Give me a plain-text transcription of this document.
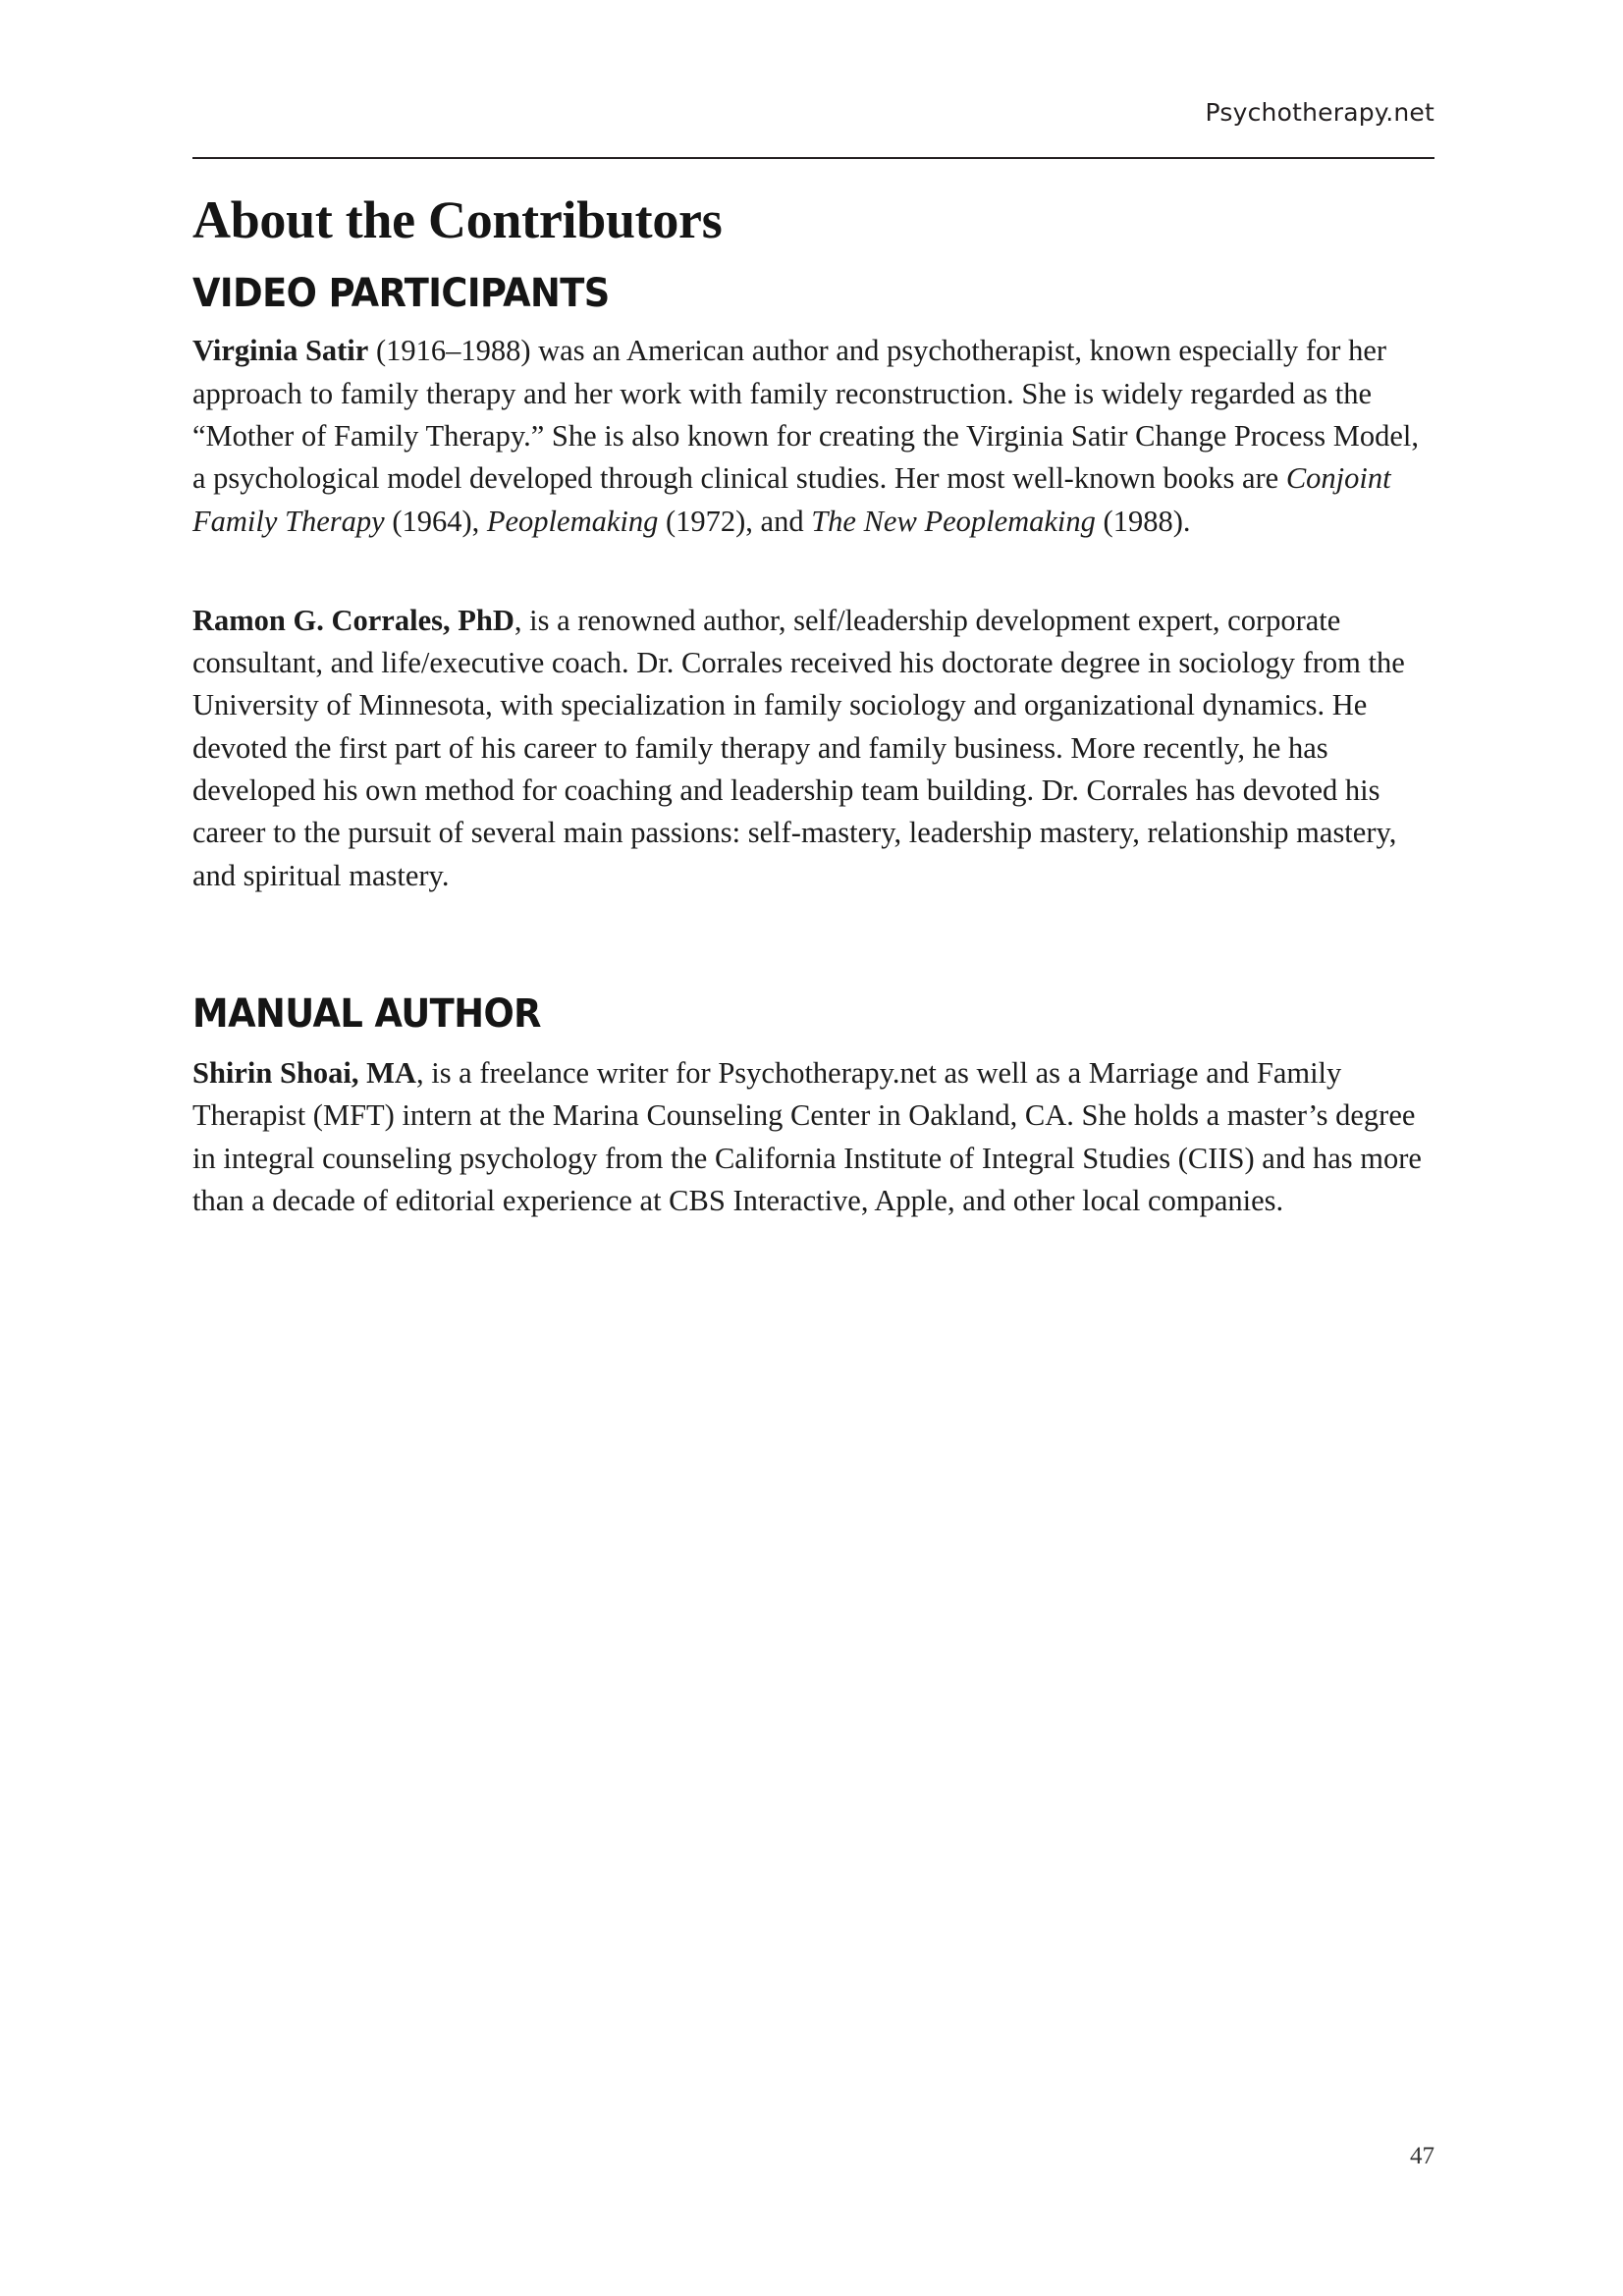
Psychotherapy.net
About the Contributors
VIDEO PARTICIPANTS

Virginia Satir (1916–1988) was an American author and psychotherapist, known especially for her approach to family therapy and her work with family reconstruction. She is widely regarded as the “Mother of Family Therapy.” She is also known for creating the Virginia Satir Change Process Model, a psychological model developed through clinical studies. Her most well-known books are Conjoint Family Therapy (1964), Peoplemaking (1972), and The New Peoplemaking (1988).

Ramon G. Corrales, PhD, is a renowned author, self/leadership development expert, corporate consultant, and life/executive coach. Dr. Corrales received his doctorate degree in sociology from the University of Minnesota, with specialization in family sociology and organizational dynamics. He devoted the first part of his career to family therapy and family business. More recently, he has developed his own method for coaching and leadership team building. Dr. Corrales has devoted his career to the pursuit of several main passions: self-mastery, leadership mastery, relationship mastery, and spiritual mastery.

MANUAL AUTHOR

Shirin Shoai, MA, is a freelance writer for Psychotherapy.net as well as a Marriage and Family Therapist (MFT) intern at the Marina Counseling Center in Oakland, CA. She holds a master’s degree in integral counseling psychology from the California Institute of Integral Studies (CIIS) and has more than a decade of editorial experience at CBS Interactive, Apple, and other local companies.

47
